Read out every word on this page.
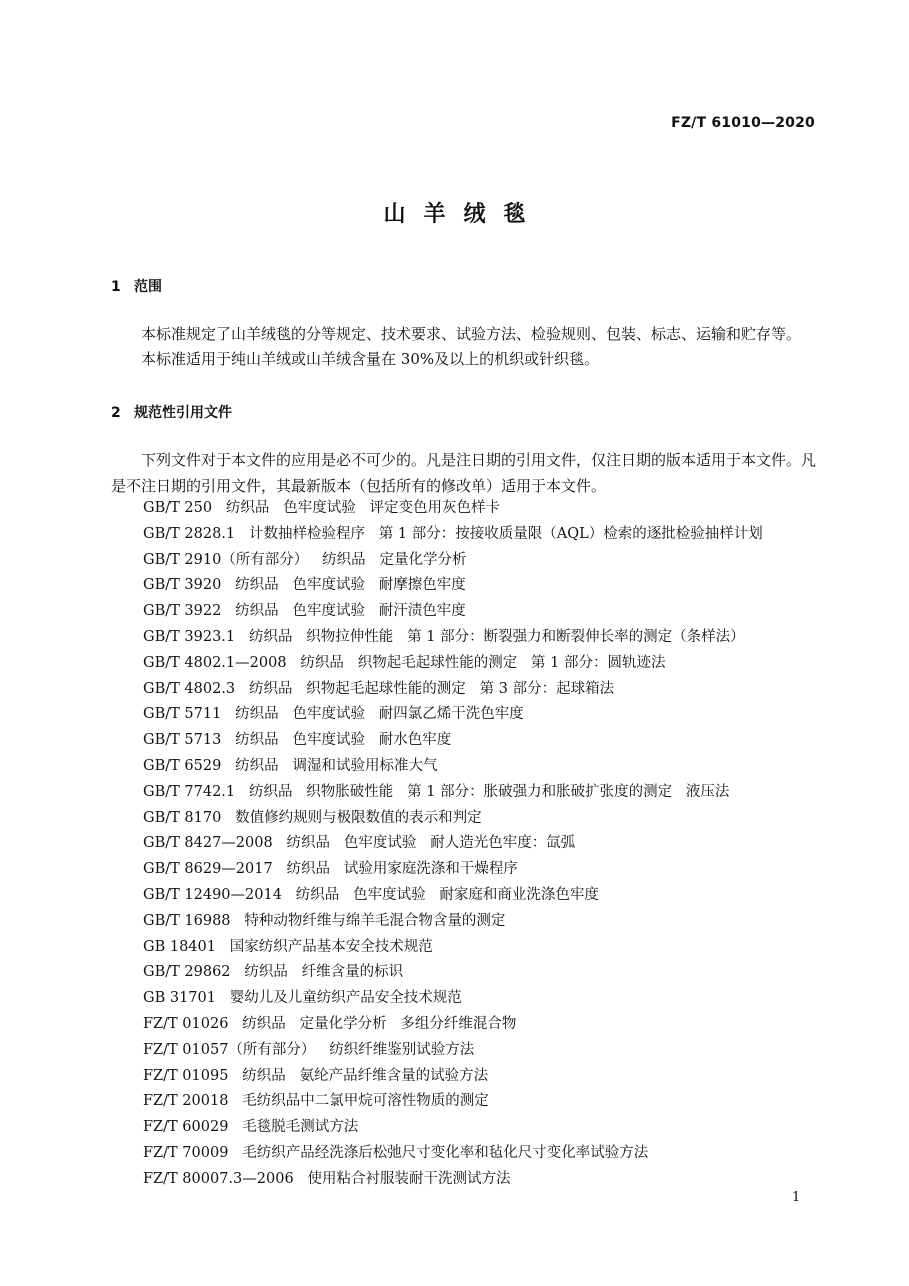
FZ/T 61010—2020
山羊绒毯
1 范围
本标准规定了山羊绒毯的分等规定、技术要求、试验方法、检验规则、包装、标志、运输和贮存等。
本标准适用于纯山羊绒或山羊绒含量在 30%及以上的机织或针织毯。
2 规范性引用文件
下列文件对于本文件的应用是必不可少的。凡是注日期的引用文件，仅注日期的版本适用于本文件。凡是不注日期的引用文件，其最新版本（包括所有的修改单）适用于本文件。
GB/T 250   纺织品   色牢度试验   评定变色用灰色样卡
GB/T 2828.1   计数抽样检验程序   第 1 部分：按接收质量限（AQL）检索的逐批检验抽样计划
GB/T 2910（所有部分）   纺织品   定量化学分析
GB/T 3920   纺织品   色牢度试验   耐摩擦色牢度
GB/T 3922   纺织品   色牢度试验   耐汗渍色牢度
GB/T 3923.1   纺织品   织物拉伸性能   第 1 部分：断裂强力和断裂伸长率的测定（条样法）
GB/T 4802.1—2008   纺织品   织物起毛起球性能的测定   第 1 部分：圆轨迹法
GB/T 4802.3   纺织品   织物起毛起球性能的测定   第 3 部分：起球箱法
GB/T 5711   纺织品   色牢度试验   耐四氯乙烯干洗色牢度
GB/T 5713   纺织品   色牢度试验   耐水色牢度
GB/T 6529   纺织品   调湿和试验用标准大气
GB/T 7742.1   纺织品   织物胀破性能   第 1 部分：胀破强力和胀破扩张度的测定   液压法
GB/T 8170   数值修约规则与极限数值的表示和判定
GB/T 8427—2008   纺织品   色牢度试验   耐人造光色牢度：氙弧
GB/T 8629—2017   纺织品   试验用家庭洗涤和干燥程序
GB/T 12490—2014   纺织品   色牢度试验   耐家庭和商业洗涤色牢度
GB/T 16988   特种动物纤维与绵羊毛混合物含量的测定
GB 18401   国家纺织产品基本安全技术规范
GB/T 29862   纺织品   纤维含量的标识
GB 31701   婴幼儿及儿童纺织产品安全技术规范
FZ/T 01026   纺织品   定量化学分析   多组分纤维混合物
FZ/T 01057（所有部分）   纺织纤维鉴别试验方法
FZ/T 01095   纺织品   氨纶产品纤维含量的试验方法
FZ/T 20018   毛纺织品中二氯甲烷可溶性物质的测定
FZ/T 60029   毛毯脱毛测试方法
FZ/T 70009   毛纺织产品经洗涤后松弛尺寸变化率和毡化尺寸变化率试验方法
FZ/T 80007.3—2006   使用粘合衬服装耐干洗测试方法
1
